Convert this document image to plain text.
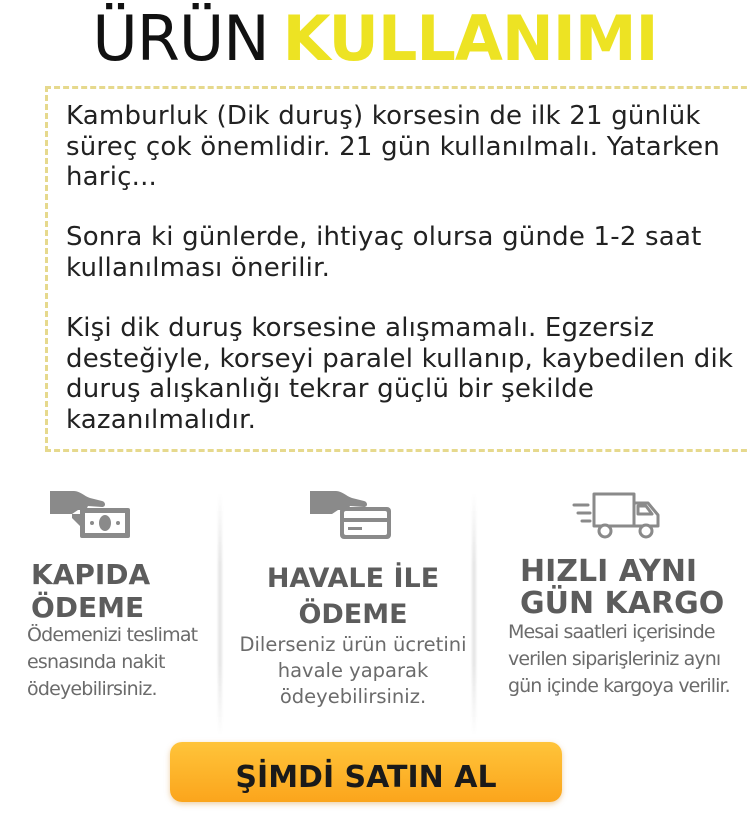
ÜRÜN KULLANIMI

Kamburluk (Dik duruş) korsesin de ilk 21 günlük süreç çok önemlidir. 21 gün kullanılmalı. Yatarken hariç...

Sonra ki günlerde, ihtiyaç olursa günde 1-2 saat kullanılması önerilir.

Kişi dik duruş korsesine alışmamalı. Egzersiz desteğiyle, korseyi paralel kullanıp, kaybedilen dik duruş alışkanlığı tekrar güçlü bir şekilde kazanılmalıdır.

KAPIDA ÖDEME

Ödemenizi teslimat esnasında nakit ödeyebilirsiniz.

HAVALE İLE ÖDEME

Dilerseniz ürün ücretini havale yaparak ödeyebilirsiniz.

HIZLI AYNI GÜN KARGO

Mesai saatleri içerisinde verilen siparişleriniz aynı gün içinde kargoya verilir.

ŞİMDİ SATIN AL
